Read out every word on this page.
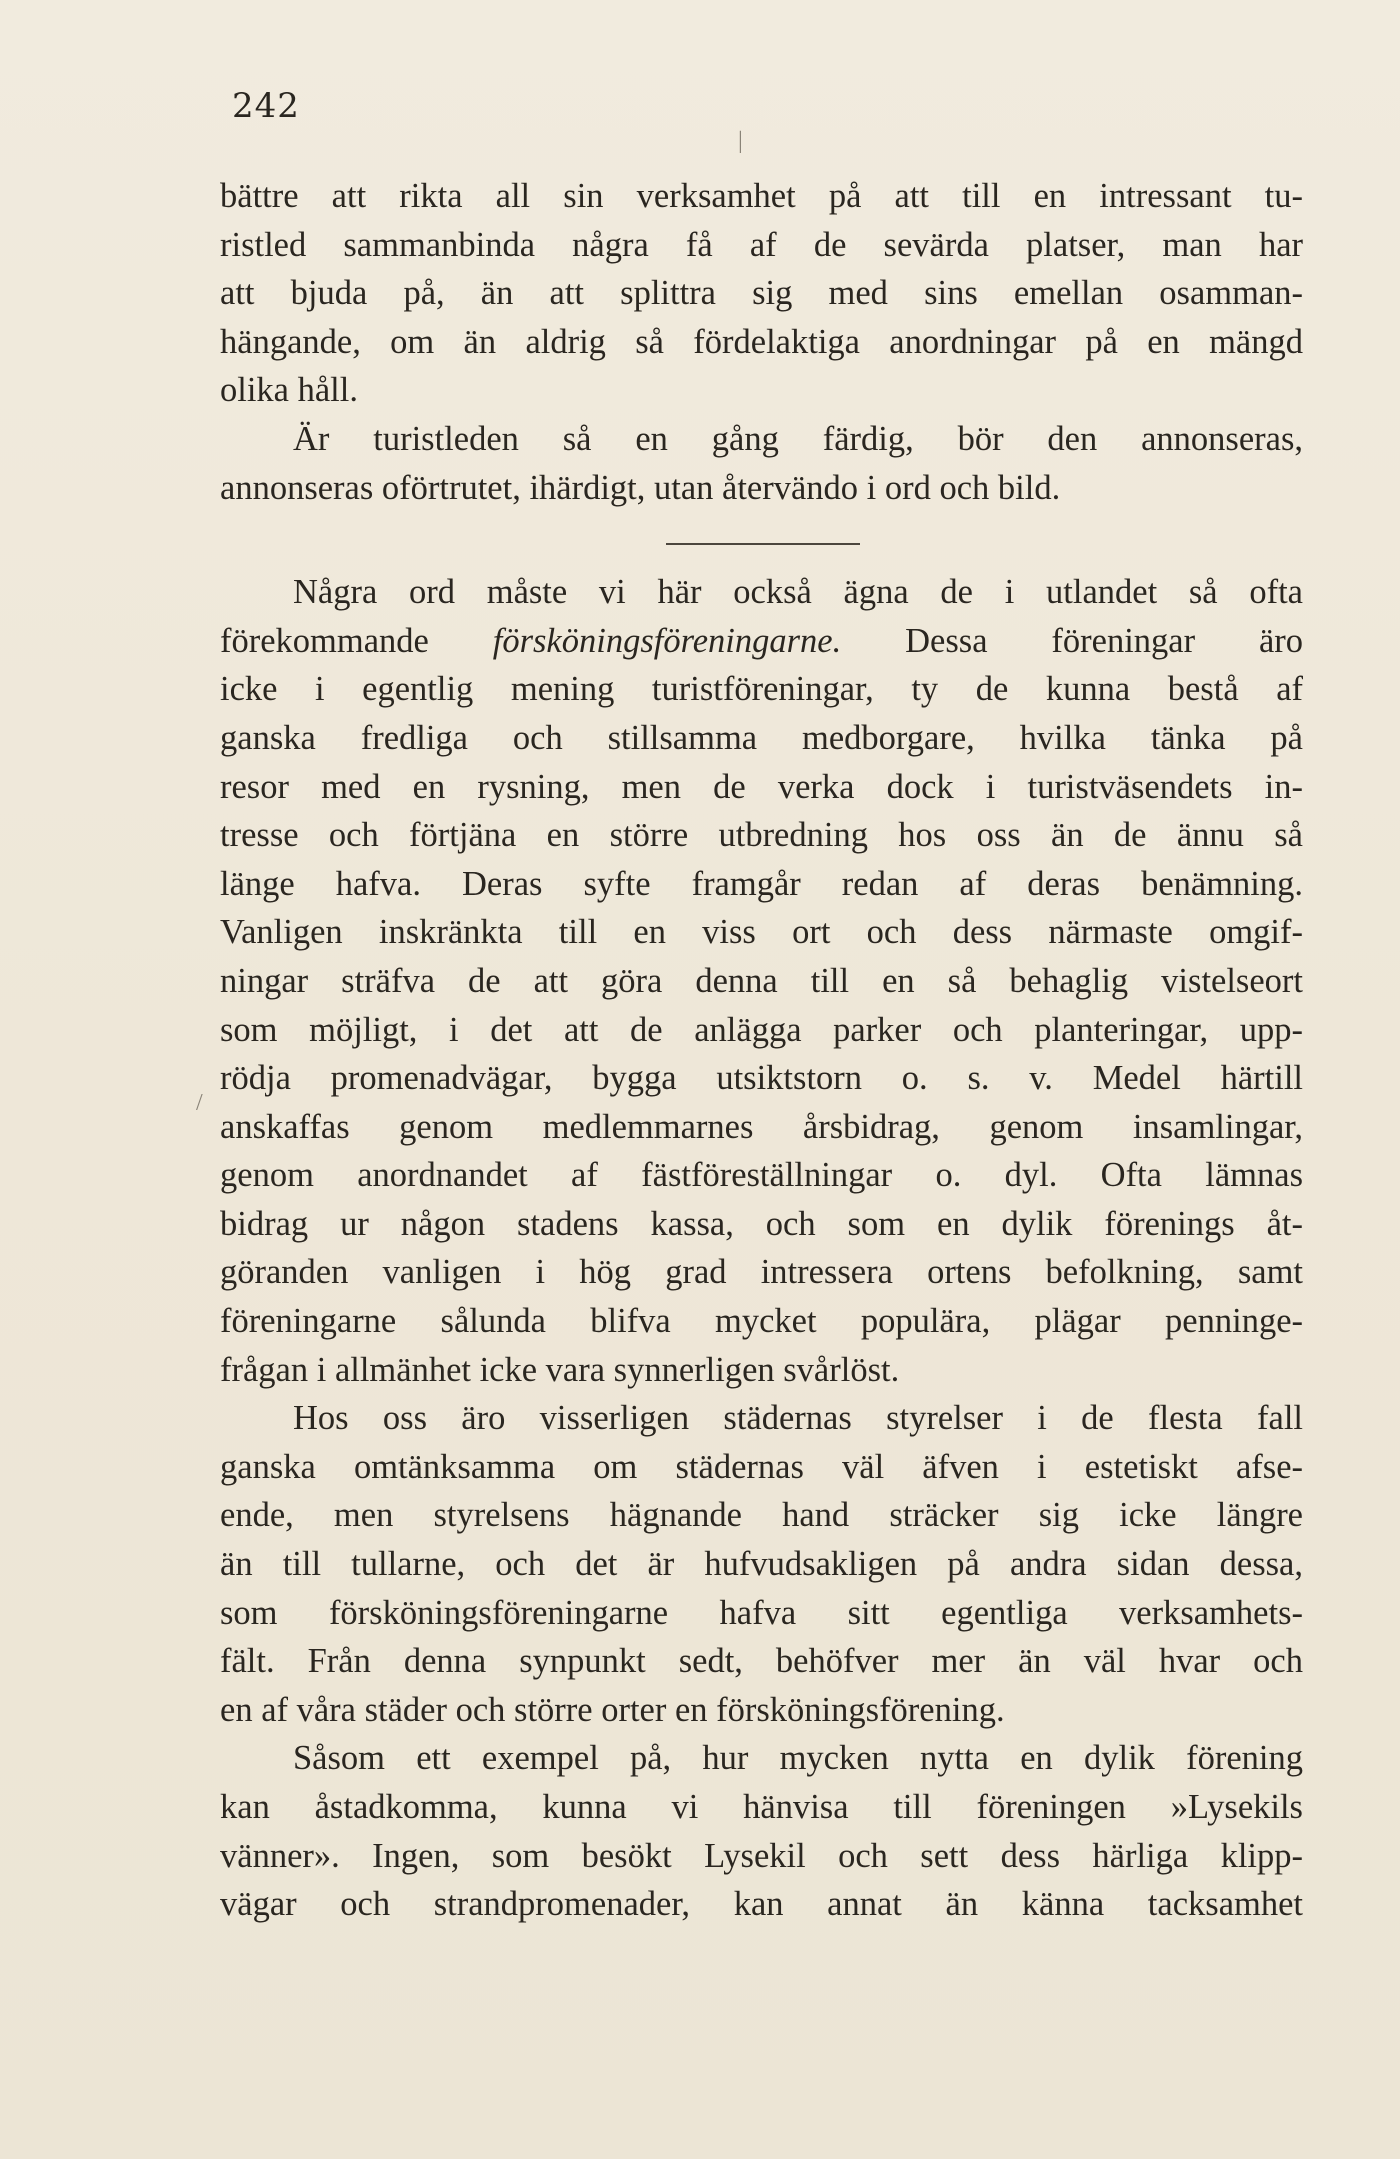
242
|
/
bättre att rikta all sin verksamhet på att till en intressant tu-
ristled sammanbinda några få af de sevärda platser, man har
att bjuda på, än att splittra sig med sins emellan osamman-
hängande, om än aldrig så fördelaktiga anordningar på en mängd
olika håll.
Är turistleden så en gång färdig, bör den annonseras,
annonseras oförtrutet, ihärdigt, utan återvändo i ord och bild.
Några ord måste vi här också ägna de i utlandet så ofta
förekommande försköningsföreningarne. Dessa föreningar äro
icke i egentlig mening turistföreningar, ty de kunna bestå af
ganska fredliga och stillsamma medborgare, hvilka tänka på
resor med en rysning, men de verka dock i turistväsendets in-
tresse och förtjäna en större utbredning hos oss än de ännu så
länge hafva. Deras syfte framgår redan af deras benämning.
Vanligen inskränkta till en viss ort och dess närmaste omgif-
ningar sträfva de att göra denna till en så behaglig vistelseort
som möjligt, i det att de anlägga parker och planteringar, upp-
rödja promenadvägar, bygga utsiktstorn o. s. v. Medel härtill
anskaffas genom medlemmarnes årsbidrag, genom insamlingar,
genom anordnandet af fästföreställningar o. dyl. Ofta lämnas
bidrag ur någon stadens kassa, och som en dylik förenings åt-
göranden vanligen i hög grad intressera ortens befolkning, samt
föreningarne sålunda blifva mycket populära, plägar penninge-
frågan i allmänhet icke vara synnerligen svårlöst.
Hos oss äro visserligen städernas styrelser i de flesta fall
ganska omtänksamma om städernas väl äfven i estetiskt afse-
ende, men styrelsens hägnande hand sträcker sig icke längre
än till tullarne, och det är hufvudsakligen på andra sidan dessa,
som försköningsföreningarne hafva sitt egentliga verksamhets-
fält. Från denna synpunkt sedt, behöfver mer än väl hvar och
en af våra städer och större orter en försköningsförening.
Såsom ett exempel på, hur mycken nytta en dylik förening
kan åstadkomma, kunna vi hänvisa till föreningen »Lysekils
vänner». Ingen, som besökt Lysekil och sett dess härliga klipp-
vägar och strandpromenader, kan annat än känna tacksamhet
